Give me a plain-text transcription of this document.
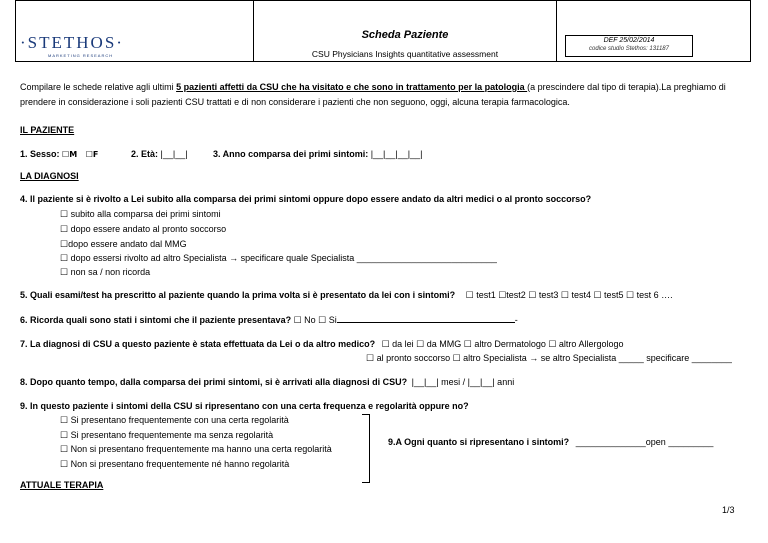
·STETHOS·
MARKETING RESEARCH
Scheda Paziente
CSU Physicians Insights quantitative assessment
DEF 25/02/2014
codice studio Stethos: 131187
Compilare le schede relative agli ultimi 5 pazienti affetti da CSU che ha visitato e che sono in trattamento per la patologia (a prescindere dal tipo di terapia).La preghiamo di
prendere in considerazione i soli pazienti CSU trattati e di non considerare i pazienti che non seguono, oggi, alcuna terapia farmacologica.
IL PAZIENTE
1. Sesso: ☐M ☐F	2. Età: |__|__|	3. Anno comparsa dei primi sintomi: |__|__|__|__|
LA DIAGNOSI
4. Il paziente si è rivolto a Lei subito alla comparsa dei primi sintomi oppure dopo essere andato da altri medici o al pronto soccorso?
☐ subito alla comparsa dei primi sintomi
☐ dopo essere andato al pronto soccorso
☐dopo essere andato dal MMG
☐ dopo essersi rivolto ad altro Specialista → specificare quale Specialista ____________________________
☐ non sa / non ricorda
5. Quali esami/test ha prescritto al paziente quando la prima volta si è presentato da lei con i sintomi? ☐ test1 ☐test2 ☐ test3 ☐ test4 ☐ test5 ☐ test 6 ….
6. Ricorda quali sono stati i sintomi che il paziente presentava? ☐ No ☐ Si	-
7. La diagnosi di CSU a questo paziente è stata effettuata da Lei o da altro medico? ☐ da lei ☐ da MMG ☐ altro Dermatologo ☐ altro Allergologo
☐ al pronto soccorso ☐ altro Specialista → se altro Specialista _____ specificare ________
8. Dopo quanto tempo, dalla comparsa dei primi sintomi, si è arrivati alla diagnosi di CSU? |__|__| mesi / |__|__| anni
9. In questo paziente i sintomi della CSU si ripresentano con una certa frequenza e regolarità oppure no?
☐ Si presentano frequentemente con una certa regolarità
☐ Si presentano frequentemente ma senza regolarità
☐ Non si presentano frequentemente ma hanno una certa regolarità
☐ Non si presentano frequentemente né hanno regolarità
9.A Ogni quanto si ripresentano i sintomi? ______________open _________
ATTUALE TERAPIA
1/3
